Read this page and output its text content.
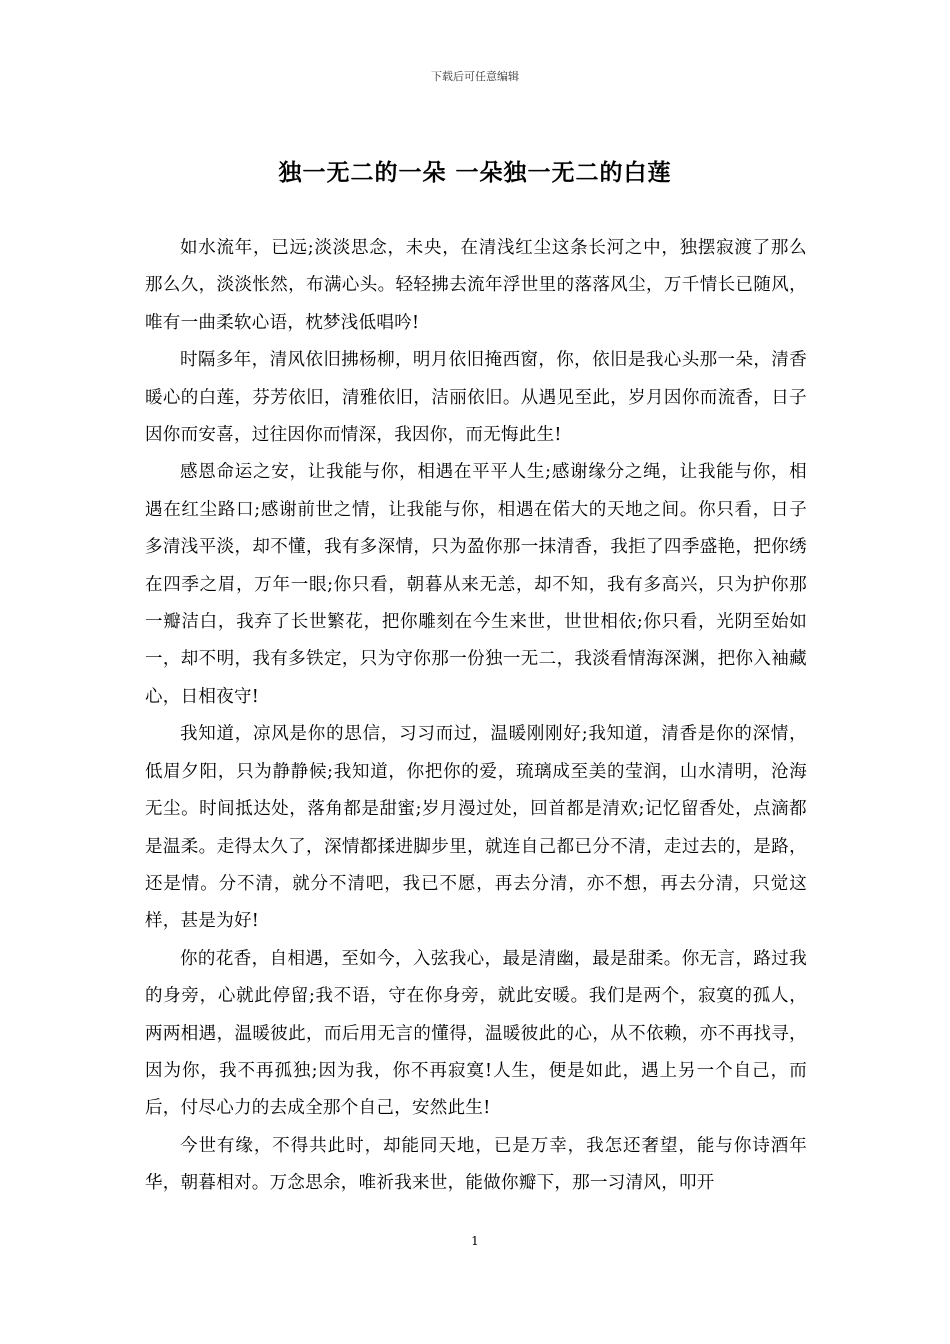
下载后可任意编辑
独一无二的一朵 一朵独一无二的白莲

如水流年，已远;淡淡思念，未央，在清浅红尘这条长河之中，独摆寂渡了那么那么久，淡淡怅然，布满心头。轻轻拂去流年浮世里的落落风尘，万千情长已随风，唯有一曲柔软心语，枕梦浅低唱吟!

时隔多年，清风依旧拂杨柳，明月依旧掩西窗，你，依旧是我心头那一朵，清香暖心的白莲，芬芳依旧，清雅依旧，洁丽依旧。从遇见至此，岁月因你而流香，日子因你而安喜，过往因你而情深，我因你，而无悔此生!

感恩命运之安，让我能与你，相遇在平平人生;感谢缘分之绳，让我能与你，相遇在红尘路口;感谢前世之情，让我能与你，相遇在偌大的天地之间。你只看，日子多清浅平淡，却不懂，我有多深情，只为盈你那一抹清香，我拒了四季盛艳，把你绣在四季之眉，万年一眼;你只看，朝暮从来无恙，却不知，我有多高兴，只为护你那一瓣洁白，我弃了长世繁花，把你雕刻在今生来世，世世相依;你只看，光阴至始如一，却不明，我有多铁定，只为守你那一份独一无二，我淡看情海深渊，把你入袖藏心，日相夜守!

我知道，凉风是你的思信，习习而过，温暖刚刚好;我知道，清香是你的深情，低眉夕阳，只为静静候;我知道，你把你的爱，琉璃成至美的莹润，山水清明，沧海无尘。时间抵达处，落角都是甜蜜;岁月漫过处，回首都是清欢;记忆留香处，点滴都是温柔。走得太久了，深情都揉进脚步里，就连自己都已分不清，走过去的，是路，还是情。分不清，就分不清吧，我已不愿，再去分清，亦不想，再去分清，只觉这样，甚是为好!

你的花香，自相遇，至如今，入弦我心，最是清幽，最是甜柔。你无言，路过我的身旁，心就此停留;我不语，守在你身旁，就此安暖。我们是两个，寂寞的孤人，两两相遇，温暖彼此，而后用无言的懂得，温暖彼此的心，从不依赖，亦不再找寻，因为你，我不再孤独;因为我，你不再寂寞!人生，便是如此，遇上另一个自己，而后，付尽心力的去成全那个自己，安然此生!

今世有缘，不得共此时，却能同天地，已是万幸，我怎还奢望，能与你诗酒年华，朝暮相对。万念思余，唯祈我来世，能做你瓣下，那一习清风，叩开

1
